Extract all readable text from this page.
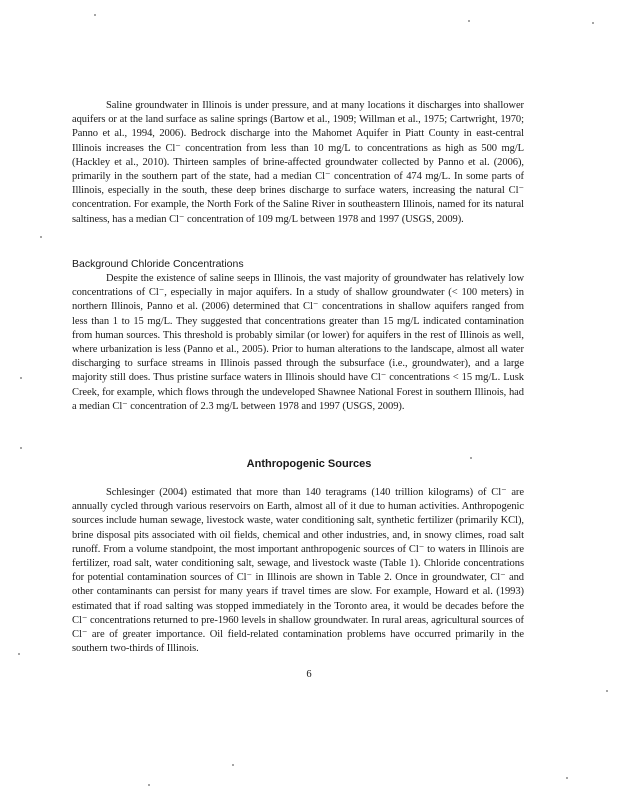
Saline groundwater in Illinois is under pressure, and at many locations it discharges into shallower aquifers or at the land surface as saline springs (Bartow et al., 1909; Willman et al., 1975; Cartwright, 1970; Panno et al., 1994, 2006). Bedrock discharge into the Mahomet Aquifer in Piatt County in east-central Illinois increases the Cl⁻ concentration from less than 10 mg/L to concentrations as high as 500 mg/L (Hackley et al., 2010). Thirteen samples of brine-affected groundwater collected by Panno et al. (2006), primarily in the southern part of the state, had a median Cl⁻ concentration of 474 mg/L. In some parts of Illinois, especially in the south, these deep brines discharge to surface waters, increasing the natural Cl⁻ concentration. For example, the North Fork of the Saline River in southeastern Illinois, named for its natural saltiness, has a median Cl⁻ concentration of 109 mg/L between 1978 and 1997 (USGS, 2009).

Background Chloride Concentrations

Despite the existence of saline seeps in Illinois, the vast majority of groundwater has relatively low concentrations of Cl⁻, especially in major aquifers. In a study of shallow groundwater (< 100 meters) in northern Illinois, Panno et al. (2006) determined that Cl⁻ concentrations in shallow aquifers ranged from less than 1 to 15 mg/L. They suggested that concentrations greater than 15 mg/L indicated contamination from human sources. This threshold is probably similar (or lower) for aquifers in the rest of Illinois as well, where urbanization is less (Panno et al., 2005). Prior to human alterations to the landscape, almost all water discharging to surface streams in Illinois passed through the subsurface (i.e., groundwater), and a large majority still does. Thus pristine surface waters in Illinois should have Cl⁻ concentrations < 15 mg/L. Lusk Creek, for example, which flows through the undeveloped Shawnee National Forest in southern Illinois, had a median Cl⁻ concentration of 2.3 mg/L between 1978 and 1997 (USGS, 2009).

Anthropogenic Sources

Schlesinger (2004) estimated that more than 140 teragrams (140 trillion kilograms) of Cl⁻ are annually cycled through various reservoirs on Earth, almost all of it due to human activities. Anthropogenic sources include human sewage, livestock waste, water conditioning salt, synthetic fertilizer (primarily KCl), brine disposal pits associated with oil fields, chemical and other industries, and, in snowy climes, road salt runoff. From a volume standpoint, the most important anthropogenic sources of Cl⁻ to waters in Illinois are fertilizer, road salt, water conditioning salt, sewage, and livestock waste (Table 1). Chloride concentrations for potential contamination sources of Cl⁻ in Illinois are shown in Table 2. Once in groundwater, Cl⁻ and other contaminants can persist for many years if travel times are slow. For example, Howard et al. (1993) estimated that if road salting was stopped immediately in the Toronto area, it would be decades before the Cl⁻ concentrations returned to pre-1960 levels in shallow groundwater. In rural areas, agricultural sources of Cl⁻ are of greater importance. Oil field-related contamination problems have occurred primarily in the southern two-thirds of Illinois.

6
